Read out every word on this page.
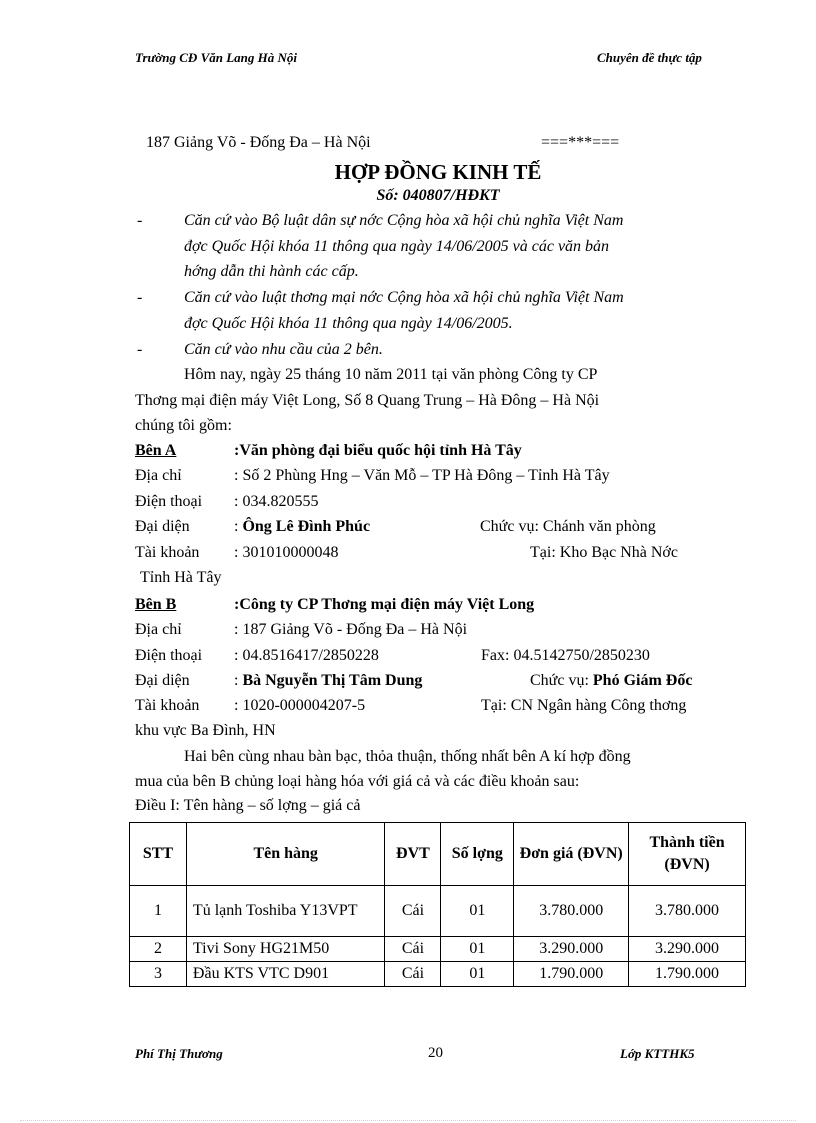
Trường CĐ Văn Lang Hà Nội	Chuyên đề thực tập
187 Giảng Võ - Đống Đa – Hà Nội	===***===
HỢP ĐỒNG KINH TẾ
Số: 040807/HĐKT
-	Căn cứ vào Bộ luật dân sự nớc Cộng hòa xã hội chủ nghĩa Việt Nam
đợc Quốc Hội khóa 11 thông qua ngày 14/06/2005 và các văn bản
hớng dẫn thi hành các cấp.
-	Căn cứ vào luật thơng mại nớc Cộng hòa xã hội chủ nghĩa Việt Nam
đợc Quốc Hội khóa 11 thông qua ngày 14/06/2005.
-	Căn cứ vào nhu cầu của 2 bên.
Hôm nay, ngày 25 tháng 10 năm 2011 tại văn phòng Công ty CP
Thơng mại điện máy Việt Long, Số 8 Quang Trung – Hà Đông – Hà Nội
chúng tôi gồm:
Bên A	:Văn phòng đại biểu quốc hội tỉnh Hà Tây
Địa chỉ	: Số 2 Phùng Hng – Văn Mỗ – TP Hà Đông – Tỉnh Hà Tây
Điện thoại : 034.820555
Đại diện	: Ông Lê Đình Phúc	Chức vụ: Chánh văn phòng
Tài khoản : 301010000048	Tại: Kho Bạc Nhà Nớc
Tỉnh Hà Tây
Bên B	:Công ty CP Thơng mại điện máy Việt Long
Địa chỉ	: 187 Giảng Võ - Đống Đa – Hà Nội
Điện thoại : 04.8516417/2850228	Fax: 04.5142750/2850230
Đại diện	: Bà Nguyễn Thị Tâm Dung	Chức vụ: Phó Giám Đốc
Tài khoản : 1020-000004207-5	Tại: CN Ngân hàng Công thơng
khu vực Ba Đình, HN
Hai bên cùng nhau bàn bạc, thỏa thuận, thống nhất bên A kí hợp đồng
mua của bên B chủng loại hàng hóa với giá cả và các điều khoản sau:
Điều I: Tên hàng – số lợng – giá cả
STT	Tên hàng	ĐVT	Số lợng	Đơn giá (ĐVN)	Thành tiền (ĐVN)
1	Tủ lạnh Toshiba Y13VPT	Cái	01	3.780.000	3.780.000
2	Tivi Sony HG21M50	Cái	01	3.290.000	3.290.000
3	Đầu KTS VTC D901	Cái	01	1.790.000	1.790.000
Phí Thị Thương	20	Lớp KTTHK5
